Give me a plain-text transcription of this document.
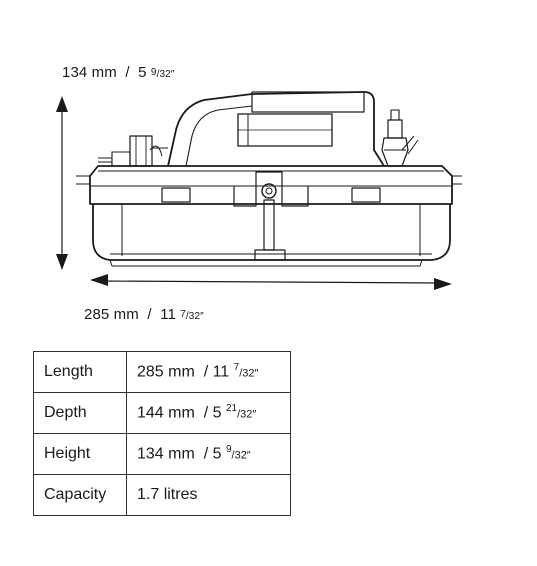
134 mm / 5 $^9$/32″
285 mm / 11 $^7$/32″
Length	285 mm / 11 $^7$/32″
Depth	144 mm / 5 $^{21}$/32″
Height	134 mm / 5 $^9$/32″
Capacity	1.7 litres
